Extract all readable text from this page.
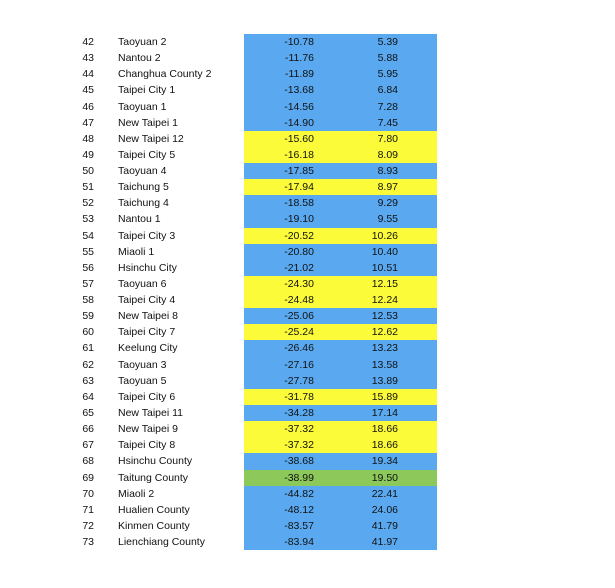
42 Taoyuan 2	-10.78	5.39
43 Nantou 2	-11.76	5.88
44 Changhua County 2	-11.89	5.95
45 Taipei City 1	-13.68	6.84
46 Taoyuan 1	-14.56	7.28
47 New Taipei 1	-14.90	7.45
48 New Taipei 12	-15.60	7.80
49 Taipei City 5	-16.18	8.09
50 Taoyuan 4	-17.85	8.93
51 Taichung 5	-17.94	8.97
52 Taichung 4	-18.58	9.29
53 Nantou 1	-19.10	9.55
54 Taipei City 3	-20.52	10.26
55 Miaoli 1	-20.80	10.40
56 Hsinchu City	-21.02	10.51
57 Taoyuan 6	-24.30	12.15
58 Taipei City 4	-24.48	12.24
59 New Taipei 8	-25.06	12.53
60 Taipei City 7	-25.24	12.62
61 Keelung City	-26.46	13.23
62 Taoyuan 3	-27.16	13.58
63 Taoyuan 5	-27.78	13.89
64 Taipei City 6	-31.78	15.89
65 New Taipei 11	-34.28	17.14
66 New Taipei 9	-37.32	18.66
67 Taipei City 8	-37.32	18.66
68 Hsinchu County	-38.68	19.34
69 Taitung County	-38.99	19.50
70 Miaoli 2	-44.82	22.41
71 Hualien County	-48.12	24.06
72 Kinmen County	-83.57	41.79
73 Lienchiang County	-83.94	41.97
